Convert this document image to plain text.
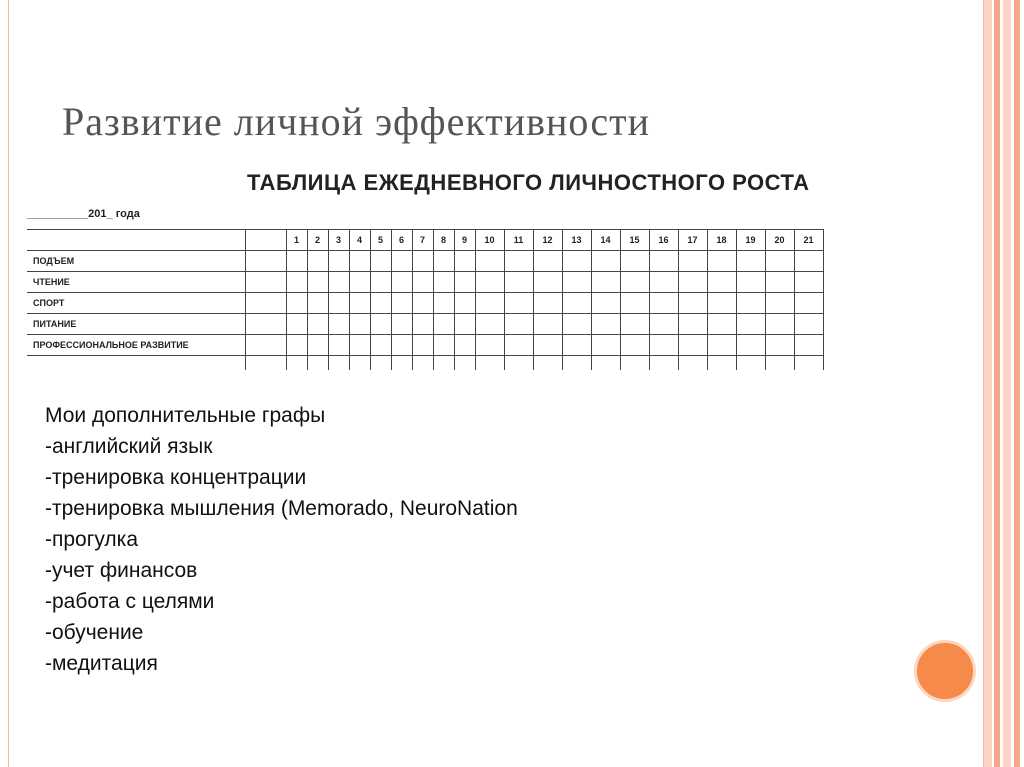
Развитие личной эффективности
ТАБЛИЦА ЕЖЕДНЕВНОГО ЛИЧНОСТНОГО РОСТА
__________201_ года
		1	2	3	4	5	6	7	8	9	10	11	12	13	14	15	16	17	18	19	20	21
ПОДЪЕМ																						
ЧТЕНИЕ																						
СПОРТ																						
ПИТАНИЕ																						
ПРОФЕССИОНАЛЬНОЕ РАЗВИТИЕ																						

Мои дополнительные графы
-английский язык
-тренировка концентрации
-тренировка мышления (Memorado, NeuroNation
-прогулка
-учет финансов
-работа с целями
-обучение
-медитация
